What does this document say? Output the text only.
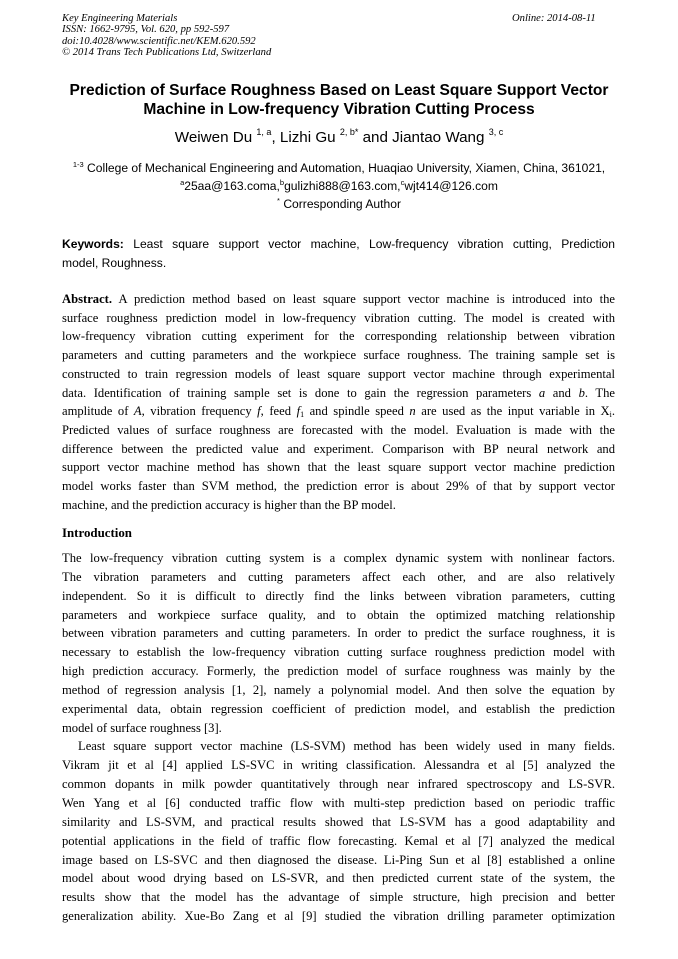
Key Engineering Materials
ISSN: 1662-9795, Vol. 620, pp 592-597
doi:10.4028/www.scientific.net/KEM.620.592
© 2014 Trans Tech Publications Ltd, Switzerland
Online: 2014-08-11
Prediction of Surface Roughness Based on Least Square Support Vector
Machine in Low-frequency Vibration Cutting Process
Weiwen Du $^{1, a}$, Lizhi Gu $^{2, b*}$ and Jiantao Wang $^{3, c}$
$^{1-3}$ College of Mechanical Engineering and Automation, Huaqiao University, Xiamen, China, 361021,
$^a$25aa@163.coma,$^b$gulizhi888@163.com,$^c$wjt414@126.com
* Corresponding Author
Keywords: Least square support vector machine, Low-frequency vibration cutting, Prediction
model, Roughness.
Abstract. A prediction method based on least square support vector machine is introduced into the
surface roughness prediction model in low-frequency vibration cutting. The model is created with
low-frequency vibration cutting experiment for the corresponding relationship between vibration
parameters and cutting parameters and the workpiece surface roughness. The training sample set is
constructed to train regression models of least square support vector machine through experimental
data. Identification of training sample set is done to gain the regression parameters a and b. The
amplitude of A, vibration frequency f, feed $f_1$ and spindle speed n are used as the input variable in $X_i$.
Predicted values of surface roughness are forecasted with the model. Evaluation is made with the
difference between the predicted value and experiment. Comparison with BP neural network and
support vector machine method has shown that the least square support vector machine prediction
model works faster than SVM method, the prediction error is about 29% of that by support vector
machine, and the prediction accuracy is higher than the BP model.
Introduction

The low-frequency vibration cutting system is a complex dynamic system with nonlinear factors.
The vibration parameters and cutting parameters affect each other, and are also relatively
independent. So it is difficult to directly find the links between vibration parameters, cutting
parameters and workpiece surface quality, and to obtain the optimized matching relationship
between vibration parameters and cutting parameters. In order to predict the surface roughness, it is
necessary to establish the low-frequency vibration cutting surface roughness prediction model with
high prediction accuracy. Formerly, the prediction model of surface roughness was mainly by the
method of regression analysis [1, 2], namely a polynomial model. And then solve the equation by
experimental data, obtain regression coefficient of prediction model, and establish the prediction
model of surface roughness [3].

Least square support vector machine (LS-SVM) method has been widely used in many fields.
Vikram jit et al [4] applied LS-SVC in writing classification. Alessandra et al [5] analyzed the
common dopants in milk powder quantitatively through near infrared spectroscopy and LS-SVR.
Wen Yang et al [6] conducted traffic flow with multi-step prediction based on periodic traffic
similarity and LS-SVM, and practical results showed that LS-SVM has a good adaptability and
potential applications in the field of traffic flow forecasting. Kemal et al [7] analyzed the medical
image based on LS-SVC and then diagnosed the disease. Li-Ping Sun et al [8] established a online
model about wood drying based on LS-SVR, and then predicted current state of the system, the
results show that the model has the advantage of simple structure, high precision and better
generalization ability. Xue-Bo Zang et al [9] studied the vibration drilling parameter optimization
